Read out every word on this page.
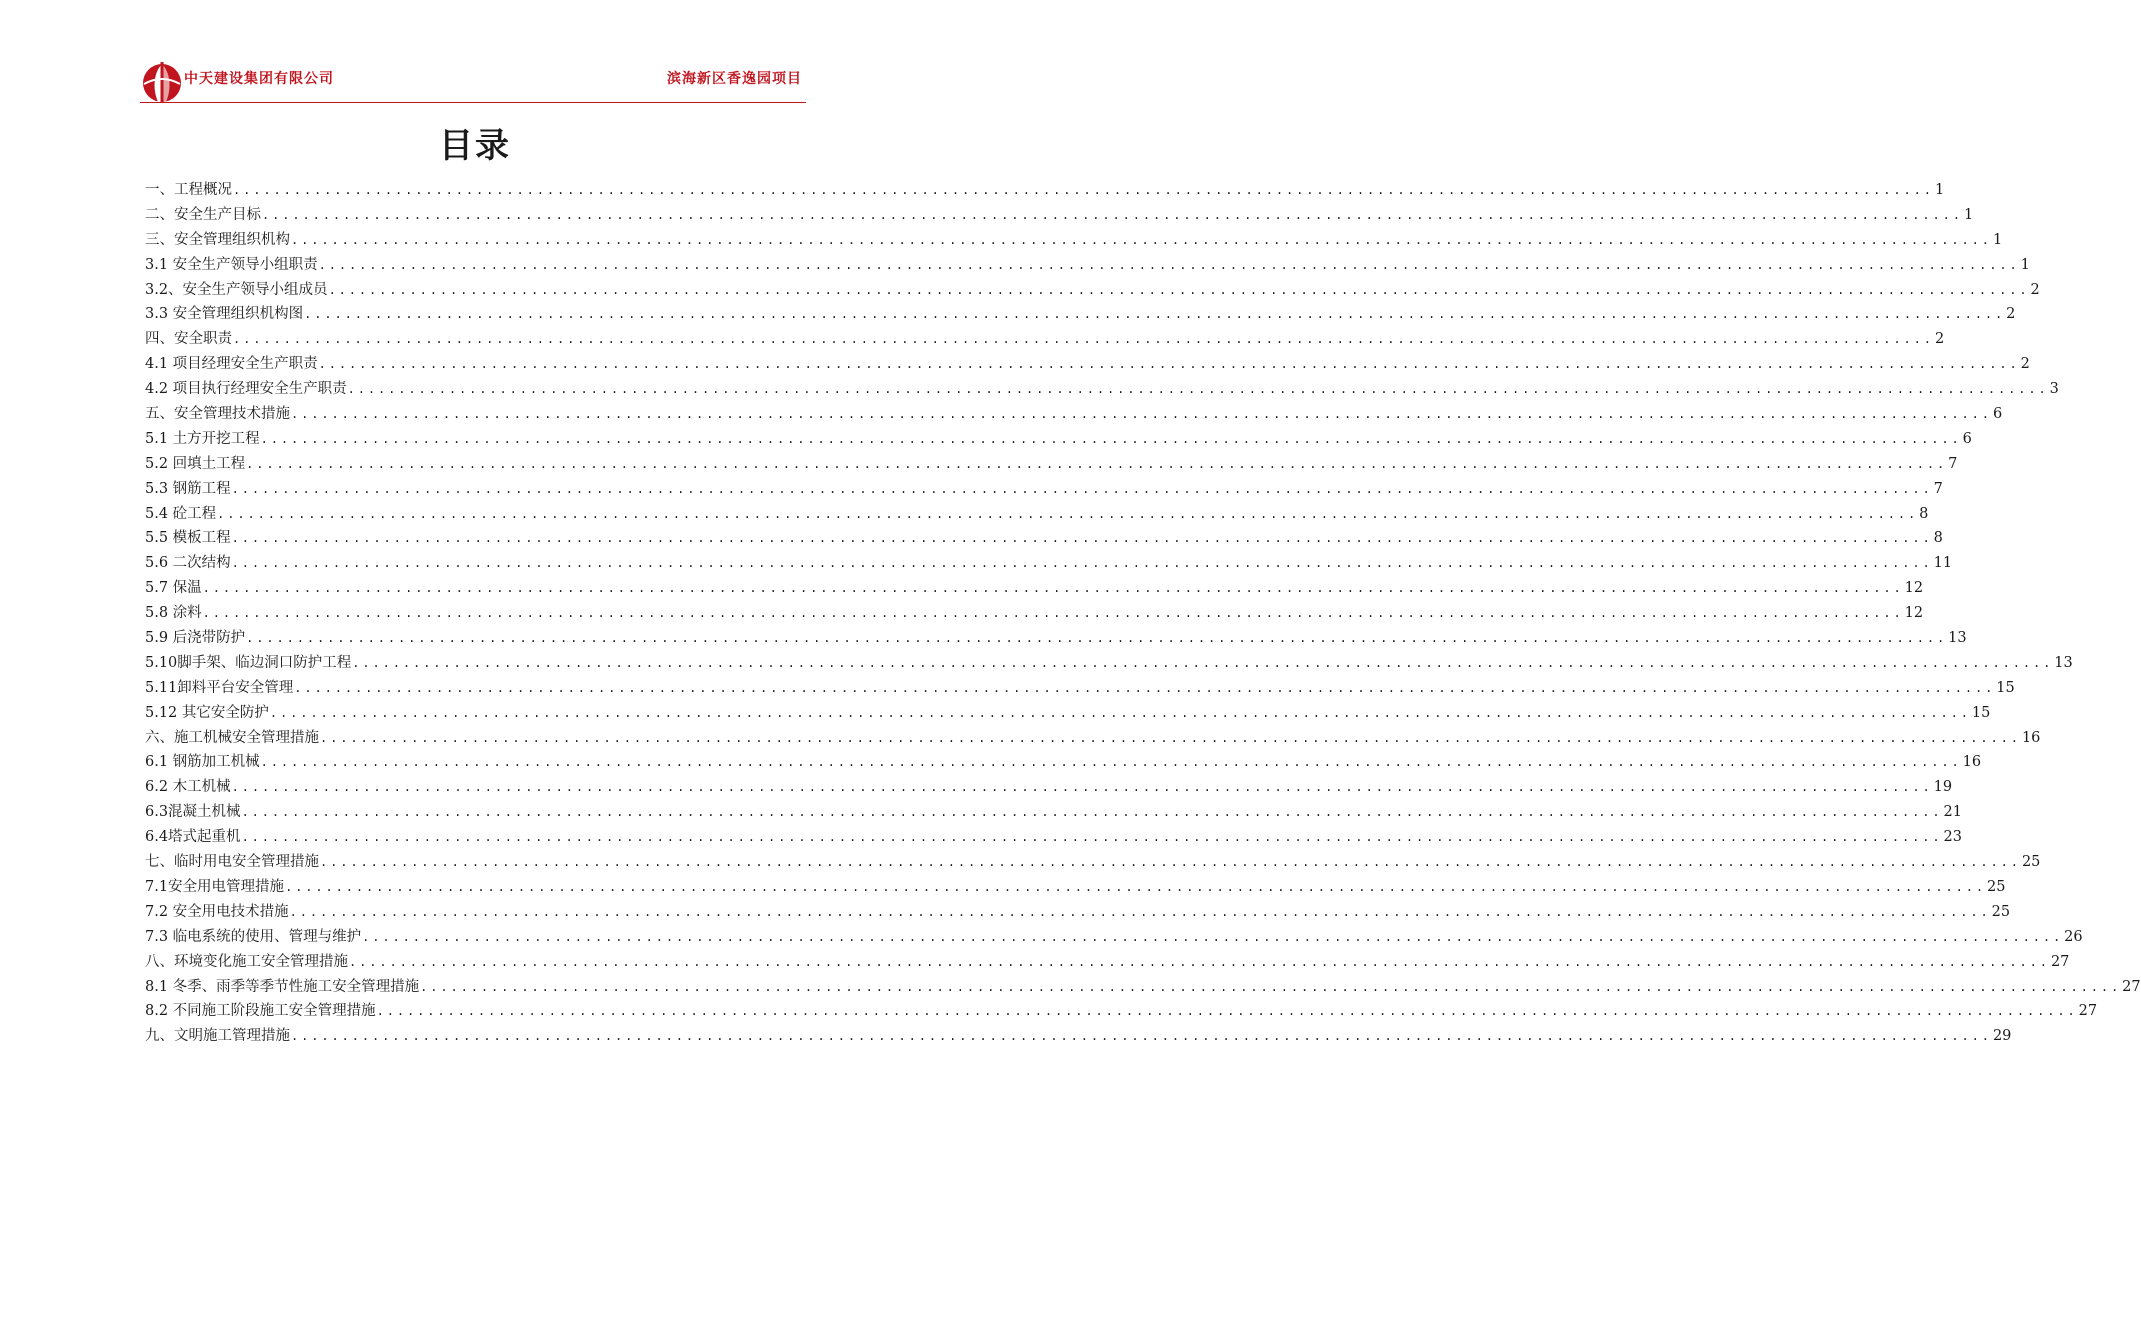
中天建设集团有限公司	滨海新区香逸园项目
目录
一、工程概况 ........................................................................................................................................................................ 1
二、安全生产目标 ........................................................................................................................................................................ 1
三、安全管理组织机构 ........................................................................................................................................................................ 1
3.1 安全生产领导小组职责 ........................................................................................................................................................................ 1
3.2、安全生产领导小组成员 ........................................................................................................................................................................ 2
3.3 安全管理组织机构图 ........................................................................................................................................................................ 2
四、安全职责 ........................................................................................................................................................................ 2
4.1 项目经理安全生产职责 ........................................................................................................................................................................ 2
4.2 项目执行经理安全生产职责 ........................................................................................................................................................................ 3
五、安全管理技术措施 ........................................................................................................................................................................ 6
5.1 土方开挖工程 ........................................................................................................................................................................ 6
5.2 回填土工程 ........................................................................................................................................................................ 7
5.3 钢筋工程 ........................................................................................................................................................................ 7
5.4 砼工程 ........................................................................................................................................................................ 8
5.5 模板工程 ........................................................................................................................................................................ 8
5.6 二次结构 ........................................................................................................................................................................ 11
5.7 保温 ........................................................................................................................................................................ 12
5.8 涂料 ........................................................................................................................................................................ 12
5.9 后浇带防护 ........................................................................................................................................................................ 13
5.10脚手架、临边洞口防护工程 ........................................................................................................................................................................ 13
5.11卸料平台安全管理 ........................................................................................................................................................................ 15
5.12 其它安全防护 ........................................................................................................................................................................ 15
六、施工机械安全管理措施 ........................................................................................................................................................................ 16
6.1 钢筋加工机械 ........................................................................................................................................................................ 16
6.2 木工机械 ........................................................................................................................................................................ 19
6.3混凝土机械 ........................................................................................................................................................................ 21
6.4塔式起重机 ........................................................................................................................................................................ 23
七、临时用电安全管理措施 ........................................................................................................................................................................ 25
7.1安全用电管理措施 ........................................................................................................................................................................ 25
7.2 安全用电技术措施 ........................................................................................................................................................................ 25
7.3 临电系统的使用、管理与维护 ........................................................................................................................................................................ 26
八、环境变化施工安全管理措施 ........................................................................................................................................................................ 27
8.1 冬季、雨季等季节性施工安全管理措施 ........................................................................................................................................................................ 27
8.2 不同施工阶段施工安全管理措施 ........................................................................................................................................................................ 27
九、文明施工管理措施 ........................................................................................................................................................................ 29
